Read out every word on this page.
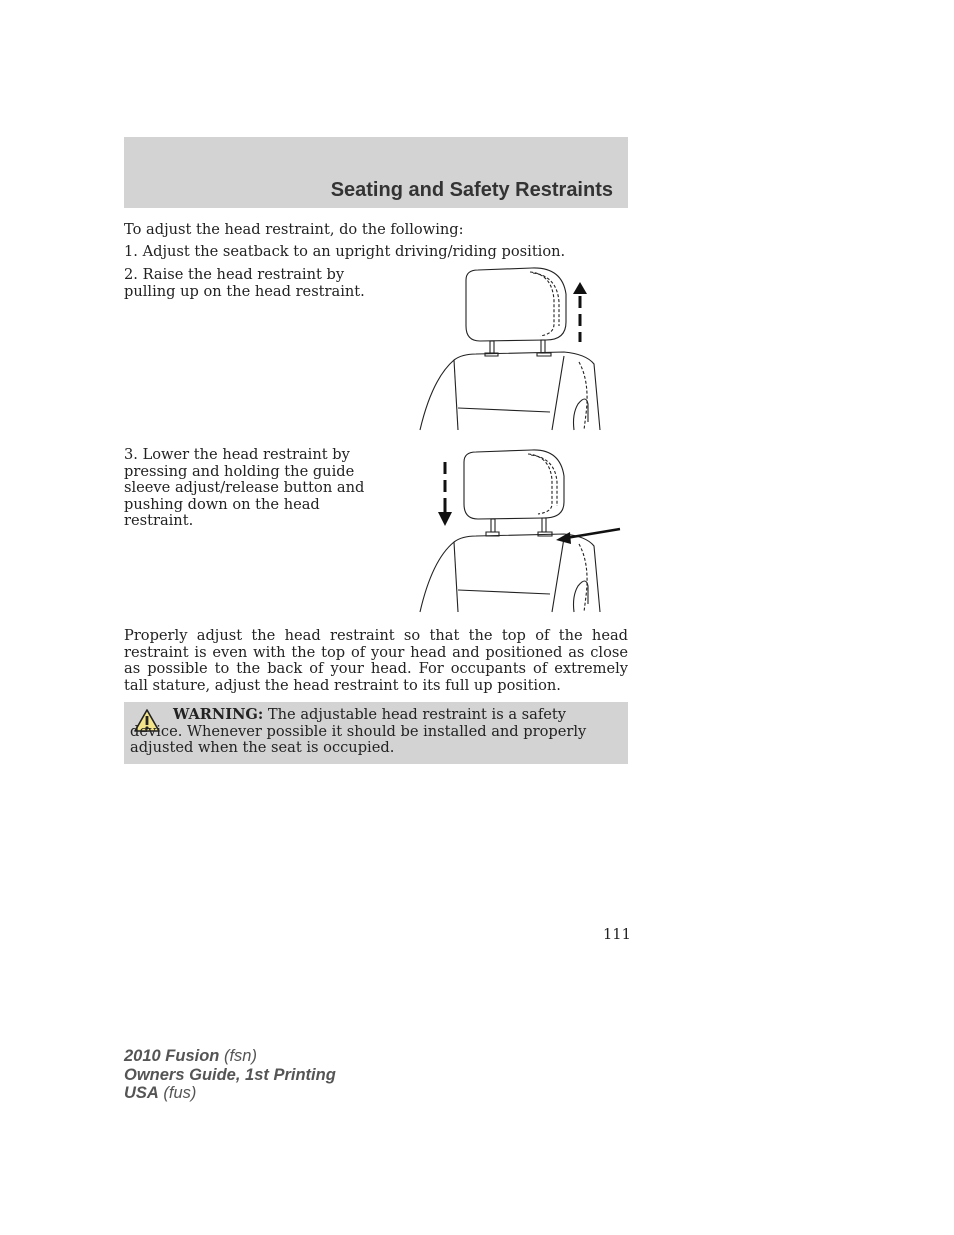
Seating and Safety Restraints
To adjust the head restraint, do the following:
1. Adjust the seatback to an upright driving/riding position.
2. Raise the head restraint by
pulling up on the head restraint.
3. Lower the head restraint by
pressing and holding the guide
sleeve adjust/release button and
pushing down on the head restraint.
Properly adjust the head restraint so that the top of the head restraint is even with the top of your head and positioned as close as possible to the back of your head. For occupants of extremely tall stature, adjust the head restraint to its full up position.
WARNING: The adjustable head restraint is a safety device. Whenever possible it should be installed and properly adjusted when the seat is occupied.
111
2010 Fusion (fsn)
Owners Guide, 1st Printing
USA (fus)
